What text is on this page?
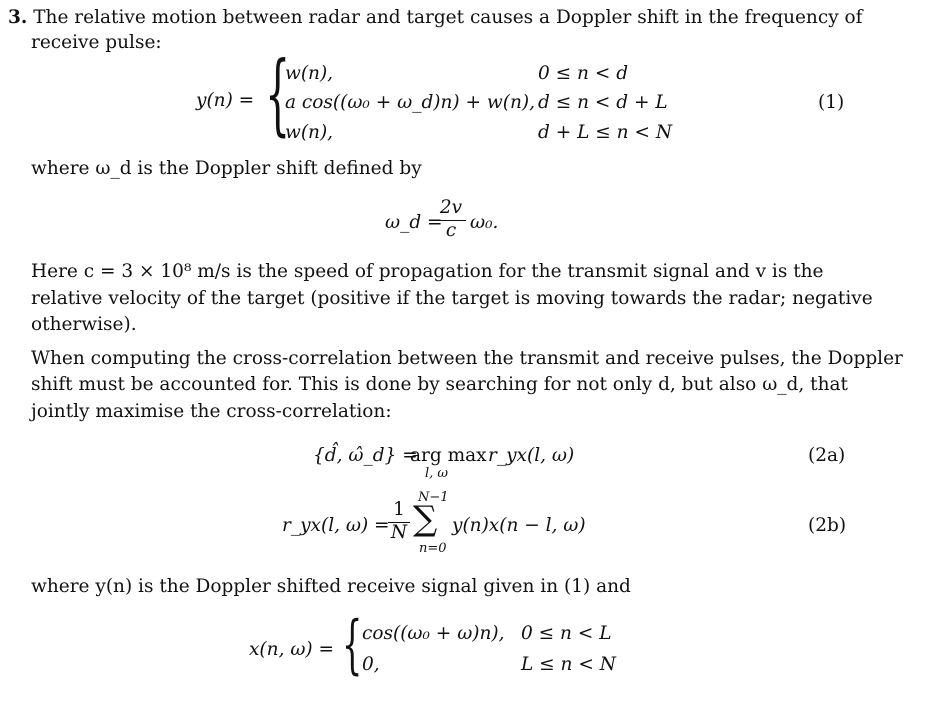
3. The relative motion between radar and target causes a Doppler shift in the frequency of
receive pulse:
y(n) = {
w(n),	0 ≤ n < d
a cos((ω₀ + ω_d)n) + w(n), d ≤ n < d + L
w(n),	d + L ≤ n < N
(1)
where ω_d is the Doppler shift defined by
ω_d =
2v
c ω₀.
Here c = 3 × 10⁸ m/s is the speed of propagation for the transmit signal and v is the
relative velocity of the target (positive if the target is moving towards the radar; negative
otherwise).
When computing the cross-correlation between the transmit and receive pulses, the Doppler
shift must be accounted for. This is done by searching for not only d, but also ω_d, that
jointly maximise the cross-correlation:
{d̂, ω̂_d} =
arg max
l, ω
r_yx(l, ω)	(2a)
r_yx(l, ω) =
1
N
N−1
∑
n=0
y(n)x(n − l, ω)	(2b)
where y(n) is the Doppler shifted receive signal given in (1) and
x(n, ω) = { cos((ω₀ + ω)n), 0 ≤ n < L
0,	L ≤ n < N
